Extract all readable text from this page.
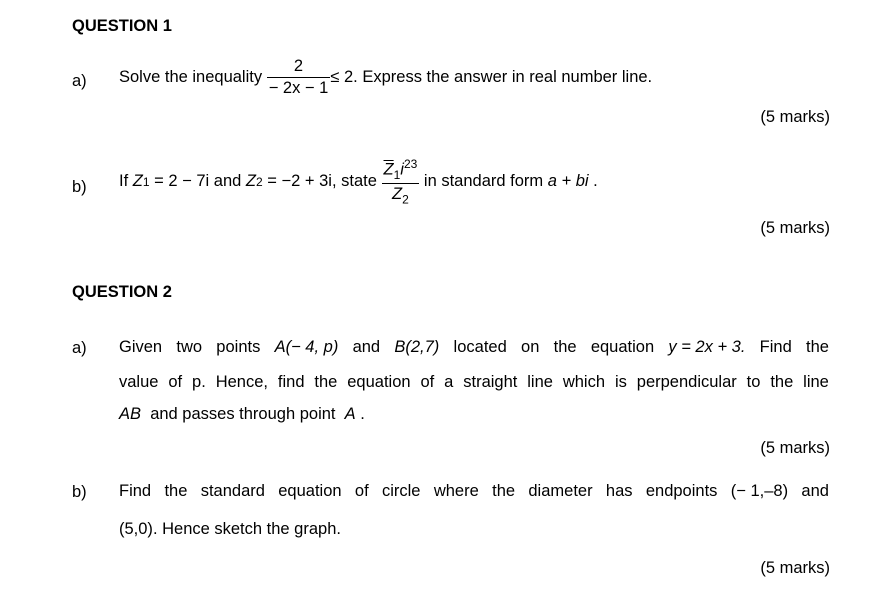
QUESTION 1
a) Solve the inequality
$\frac{2}{- 2x - 1} \le 2$ . Express the answer in real number line.
(5 marks)
b) If
Z 1
= 2 − 7i
and
Z 2
= −2 + 3i , state
$\frac{\overline{Z}_1i^{23}}{Z_2}$
in standard form
a + bi
.
(5 marks)
QUESTION 2
a) Given two points A(− 4, p) and B(2,7) located on the equation y = 2x + 3. Find the
value of p. Hence, find the equation of a straight line which is perpendicular to the line
AB and passes through point A .
(5 marks)
b) Find the standard equation of circle where the diameter has endpoints (− 1,–8) and
(5,0). Hence sketch the graph.
(5 marks)
